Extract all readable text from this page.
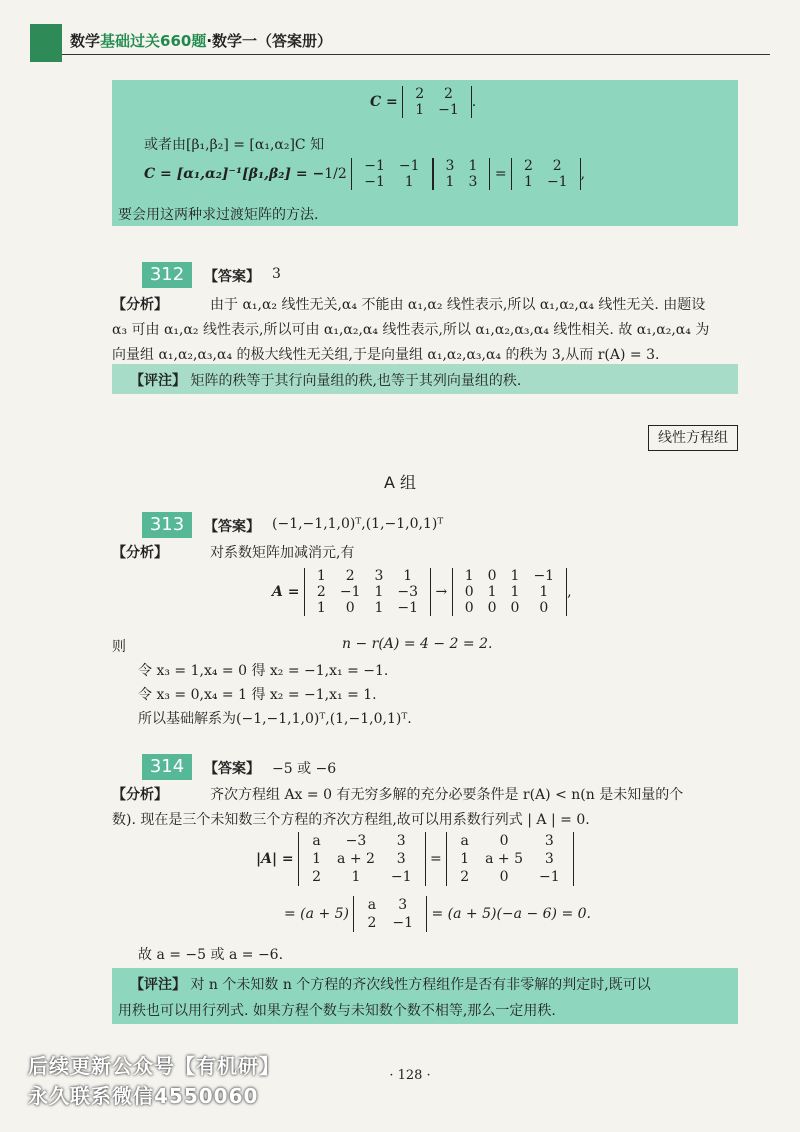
数学基础过关660题·数学一（答案册）
C = 2	2
1	−1 .
或者由[β₁,β₂] = [α₁,α₂]C 知
C = [α₁,α₂]⁻¹[β₁,β₂] = −1/2 −1	−1
−1	1
3	1
1	3 = 2	2
1	−1 ,
要会用这两种求过渡矩阵的方法.
312	【答案】 3
【分析】	由于 α₁,α₂ 线性无关,α₄ 不能由 α₁,α₂ 线性表示,所以 α₁,α₂,α₄ 线性无关. 由题设
α₃ 可由 α₁,α₂ 线性表示,所以可由 α₁,α₂,α₄ 线性表示,所以 α₁,α₂,α₃,α₄ 线性相关. 故 α₁,α₂,α₄ 为
向量组 α₁,α₂,α₃,α₄ 的极大线性无关组,于是向量组 α₁,α₂,α₃,α₄ 的秩为 3,从而 r(A) = 3.
【评注】 矩阵的秩等于其行向量组的秩,也等于其列向量组的秩.
线性方程组
A 组
313	【答案】 (−1,−1,1,0)ᵀ,(1,−1,0,1)ᵀ
【分析】	对系数矩阵加减消元,有
A =
1	2	3	1
2	−1	1	−3
1	0	1	−1
→
1	0	1	−1
0	1	1	1
0	0	0	0
,
则	n − r(A) = 4 − 2 = 2.
令 x₃ = 1,x₄ = 0 得 x₂ = −1,x₁ = −1.
令 x₃ = 0,x₄ = 1 得 x₂ = −1,x₁ = 1.
所以基础解系为(−1,−1,1,0)ᵀ,(1,−1,0,1)ᵀ.
314	【答案】 −5 或 −6
【分析】	齐次方程组 Ax = 0 有无穷多解的充分必要条件是 r(A) < n(n 是未知量的个
数). 现在是三个未知数三个方程的齐次方程组,故可以用系数行列式 | A | = 0.
|A| =
a	−3	3
1	a + 2	3
2	1	−1
=
a	0	3
1	a + 5	3
2	0	−1
= (a + 5)
a	3
2	−1
= (a + 5)(−a − 6) = 0.
故 a = −5 或 a = −6.
【评注】 对 n 个未知数 n 个方程的齐次线性方程组作是否有非零解的判定时,既可以
用秩也可以用行列式. 如果方程个数与未知数个数不相等,那么一定用秩.
· 128 ·
后续更新公众号【有机研】
永久联系微信4550060
